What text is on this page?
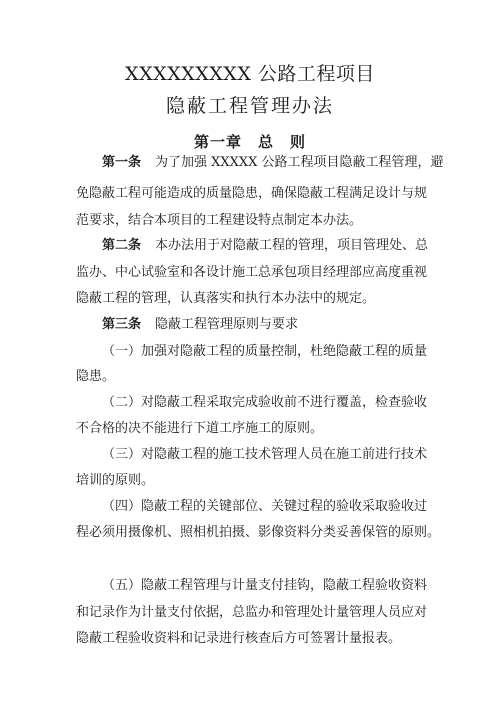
XXXXXXXXX 公路工程项目
隐蔽工程管理办法
第一章　总　则
第一条 为了加强 XXXXX 公路工程项目隐蔽工程管理，避
免隐蔽工程可能造成的质量隐患，确保隐蔽工程满足设计与规
范要求，结合本项目的工程建设特点制定本办法。
第二条 本办法用于对隐蔽工程的管理，项目管理处、总
监办、中心试验室和各设计施工总承包项目经理部应高度重视
隐蔽工程的管理，认真落实和执行本办法中的规定。
第三条 隐蔽工程管理原则与要求
（一）加强对隐蔽工程的质量控制，杜绝隐蔽工程的质量
隐患。
（二）对隐蔽工程采取完成验收前不进行覆盖，检查验收
不合格的决不能进行下道工序施工的原则。
（三）对隐蔽工程的施工技术管理人员在施工前进行技术
培训的原则。
（四）隐蔽工程的关键部位、关键过程的验收采取验收过
程必须用摄像机、照相机拍摄、影像资料分类妥善保管的原则。
（五）隐蔽工程管理与计量支付挂钩，隐蔽工程验收资料
和记录作为计量支付依据，总监办和管理处计量管理人员应对
隐蔽工程验收资料和记录进行核查后方可签署计量报表。
